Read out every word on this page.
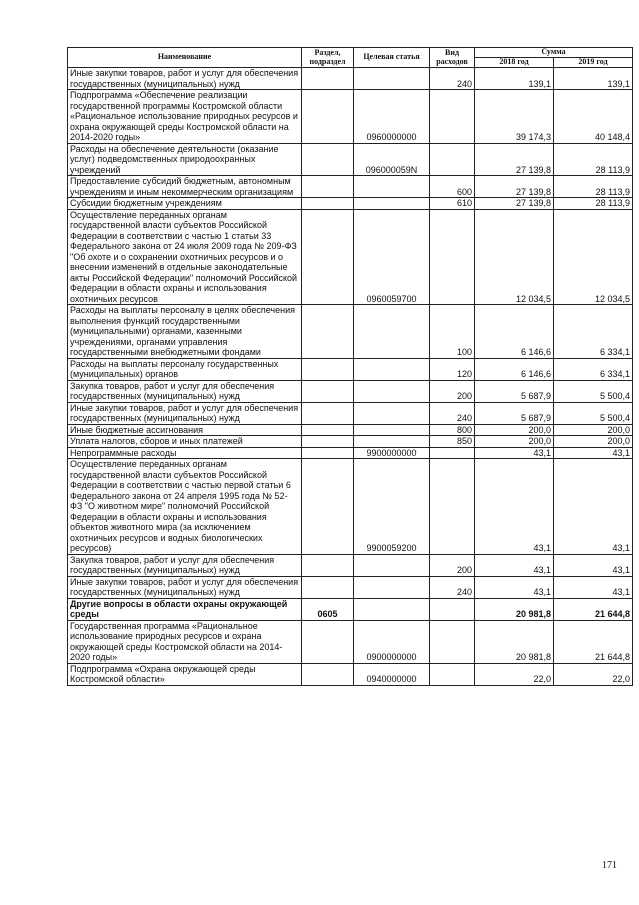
Наименование	Раздел, подраздел	Целевая статья	Вид расходов	Сумма	
				2018 год	2019 год
Иные закупки товаров, работ и услуг для обеспечения государственных (муниципальных) нужд			240	139,1	139,1
Подпрограмма «Обеспечение реализации государственной программы Костромской области «Рациональное использование природных ресурсов и охрана окружающей среды Костромской области на 2014-2020 годы»		0960000000		39 174,3	40 148,4
Расходы на обеспечение деятельности (оказание услуг) подведомственных природоохранных учреждений		096000059N		27 139,8	28 113,9
Предоставление субсидий бюджетным, автономным учреждениям и иным некоммерческим организациям			600	27 139,8	28 113,9
Субсидии бюджетным учреждениям			610	27 139,8	28 113,9
Осуществление переданных органам государственной власти субъектов Российской Федерации в соответствии с частью 1 статьи 33 Федерального закона от 24 июля 2009 года № 209-ФЗ "Об охоте и о сохранении охотничьих ресурсов и о внесении изменений в отдельные законодательные акты Российской Федерации" полномочий Российской Федерации в области охраны и использования охотничьих ресурсов		0960059700		12 034,5	12 034,5
Расходы на выплаты персоналу в целях обеспечения выполнения функций государственными (муниципальными) органами, казенными учреждениями, органами управления государственными внебюджетными фондами			100	6 146,6	6 334,1
Расходы на выплаты персоналу государственных (муниципальных) органов			120	6 146,6	6 334,1
Закупка товаров, работ и услуг для обеспечения государственных (муниципальных) нужд			200	5 687,9	5 500,4
Иные закупки товаров, работ и услуг для обеспечения государственных (муниципальных) нужд			240	5 687,9	5 500,4
Иные бюджетные ассигнования			800	200,0	200,0
Уплата налогов, сборов и иных платежей			850	200,0	200,0
Непрограммные расходы		9900000000		43,1	43,1
Осуществление переданных органам государственной власти субъектов Российской Федерации в соответствии с частью первой статьи 6 Федерального закона от 24 апреля 1995 года № 52-ФЗ "О животном мире" полномочий Российской Федерации в области охраны и использования объектов животного мира (за исключением охотничьих ресурсов и водных биологических ресурсов)		9900059200		43,1	43,1
Закупка товаров, работ и услуг для обеспечения государственных (муниципальных) нужд			200	43,1	43,1
Иные закупки товаров, работ и услуг для обеспечения государственных (муниципальных) нужд			240	43,1	43,1
Другие вопросы в области охраны окружающей среды	0605			20 981,8	21 644,8
Государственная программа «Рациональное использование природных ресурсов и охрана окружающей среды Костромской области на 2014-2020 годы»		0900000000		20 981,8	21 644,8
Подпрограмма «Охрана окружающей среды Костромской области»		0940000000		22,0	22,0
171
